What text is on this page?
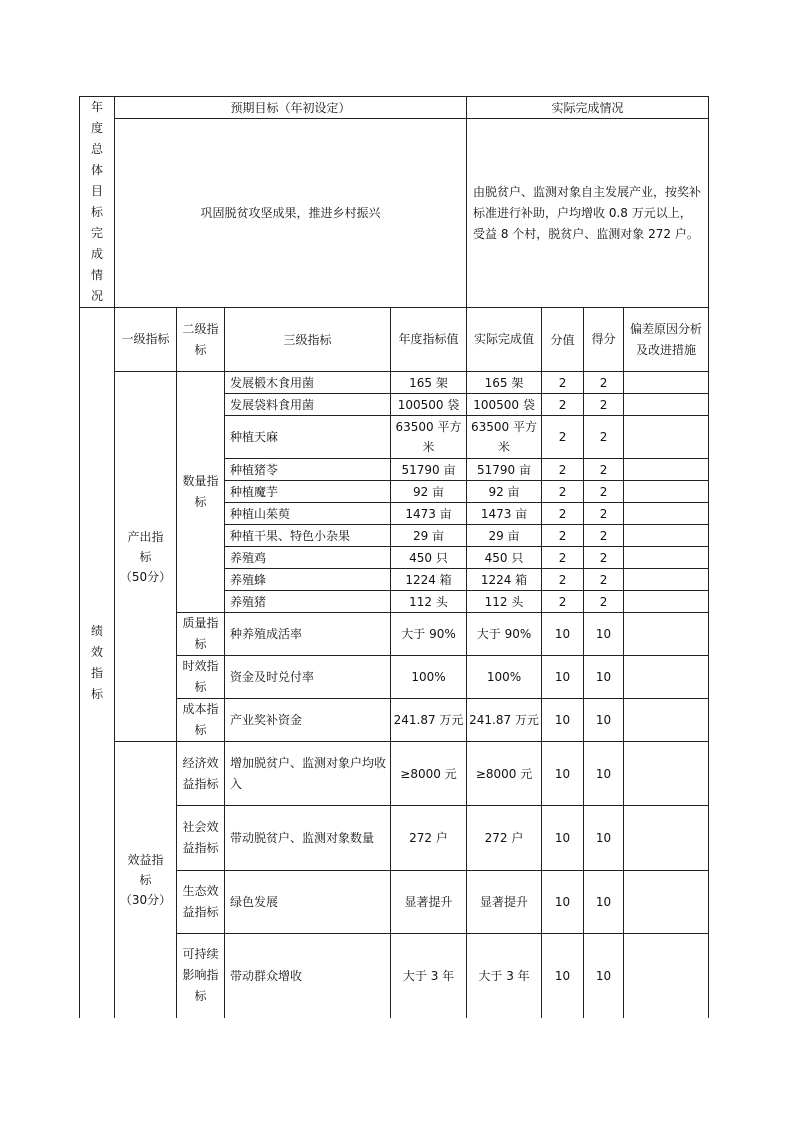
年度总体目标完成情况	预期目标（年初设定）				实际完成情况			
	巩固脱贫攻坚成果，推进乡村振兴				由脱贫户、监测对象自主发展产业，按奖补标准进行补助，户均增收 0.8 万元以上，受益 8 个村，脱贫户、监测对象 272 户。			

绩效指标	一级指标	二级指标	三级指标	年度指标值	实际完成值	分值	得分	偏差原因分析及改进措施

	产出指
标
（50分）	数量指标	发展椴木食用菌	165 架	165 架	2	2	
			发展袋料食用菌	100500 袋	100500 袋	2	2	
			种植天麻	63500 平方米	63500 平方米	2	2	
			种植猪苓	51790 亩	51790 亩	2	2	
			种植魔芋	92 亩	92 亩	2	2	
			种植山茱萸	1473 亩	1473 亩	2	2	
			种植干果、特色小杂果	29 亩	29 亩	2	2	
			养殖鸡	450 只	450 只	2	2	
			养殖蜂	1224 箱	1224 箱	2	2	
			养殖猪	112 头	112 头	2	2	
		质量指标	种养殖成活率	大于 90%	大于 90%	10	10	
		时效指标	资金及时兑付率	100%	100%	10	10	
		成本指标	产业奖补资金	241.87 万元	241.87 万元	10	10	

	效益指
标
（30分）	经济效益指标	增加脱贫户、监测对象户均收入	≥8000 元	≥8000 元	10	10	
		社会效益指标	带动脱贫户、监测对象数量	272 户	272 户	10	10	
		生态效益指标	绿色发展	显著提升	显著提升	10	10	
		可持续影响指标	带动群众增收	大于 3 年	大于 3 年	10	10	
